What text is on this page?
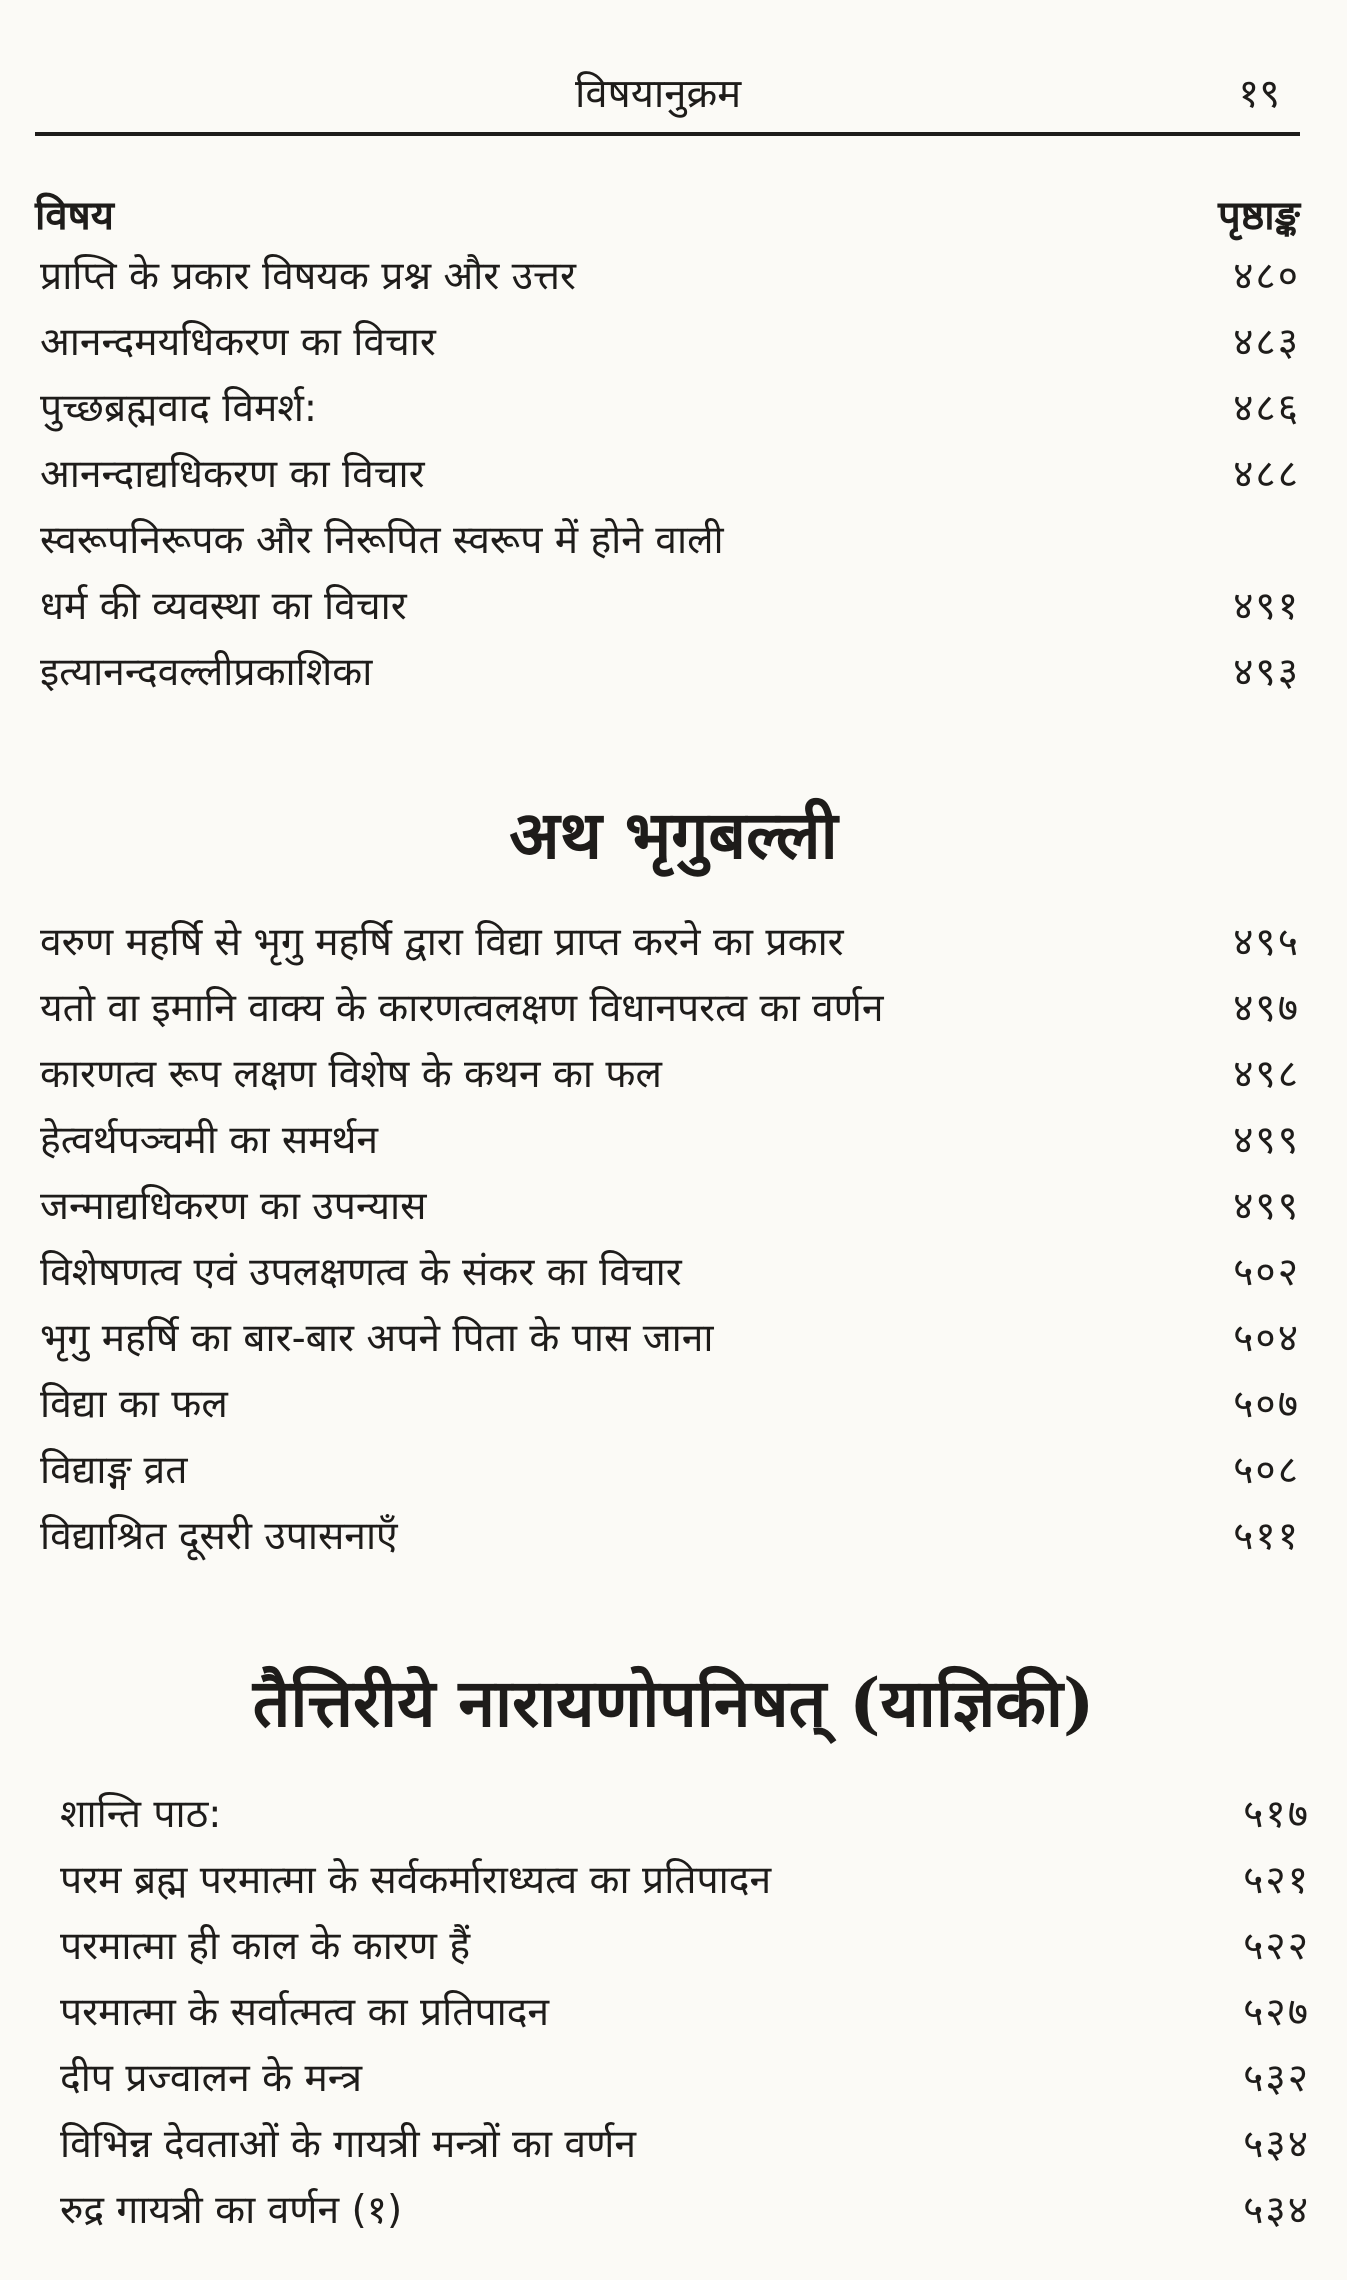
विषयानुक्रम	१९
विषय	पृष्ठाङ्क
प्राप्ति के प्रकार विषयक प्रश्न और उत्तर	४८०
आनन्दमयधिकरण का विचार	४८३
पुच्छब्रह्मवाद विमर्श:	४८६
आनन्दाद्यधिकरण का विचार	४८८
स्वरूपनिरूपक और निरूपित स्वरूप में होने वाली
धर्म की व्यवस्था का विचार	४९१
इत्यानन्दवल्लीप्रकाशिका	४९३
अथ भृगुबल्ली
वरुण महर्षि से भृगु महर्षि द्वारा विद्या प्राप्त करने का प्रकार	४९५
यतो वा इमानि वाक्य के कारणत्वलक्षण विधानपरत्व का वर्णन	४९७
कारणत्व रूप लक्षण विशेष के कथन का फल	४९८
हेत्वर्थपञ्चमी का समर्थन	४९९
जन्माद्यधिकरण का उपन्यास	४९९
विशेषणत्व एवं उपलक्षणत्व के संकर का विचार	५०२
भृगु महर्षि का बार-बार अपने पिता के पास जाना	५०४
विद्या का फल	५०७
विद्याङ्ग व्रत	५०८
विद्याश्रित दूसरी उपासनाएँ	५११
तैत्तिरीये नारायणोपनिषत् (याज्ञिकी)
शान्ति पाठ:	५१७
परम ब्रह्म परमात्मा के सर्वकर्माराध्यत्व का प्रतिपादन	५२१
परमात्मा ही काल के कारण हैं	५२२
परमात्मा के सर्वात्मत्व का प्रतिपादन	५२७
दीप प्रज्वालन के मन्त्र	५३२
विभिन्न देवताओं के गायत्री मन्त्रों का वर्णन	५३४
रुद्र गायत्री का वर्णन (१)	५३४
